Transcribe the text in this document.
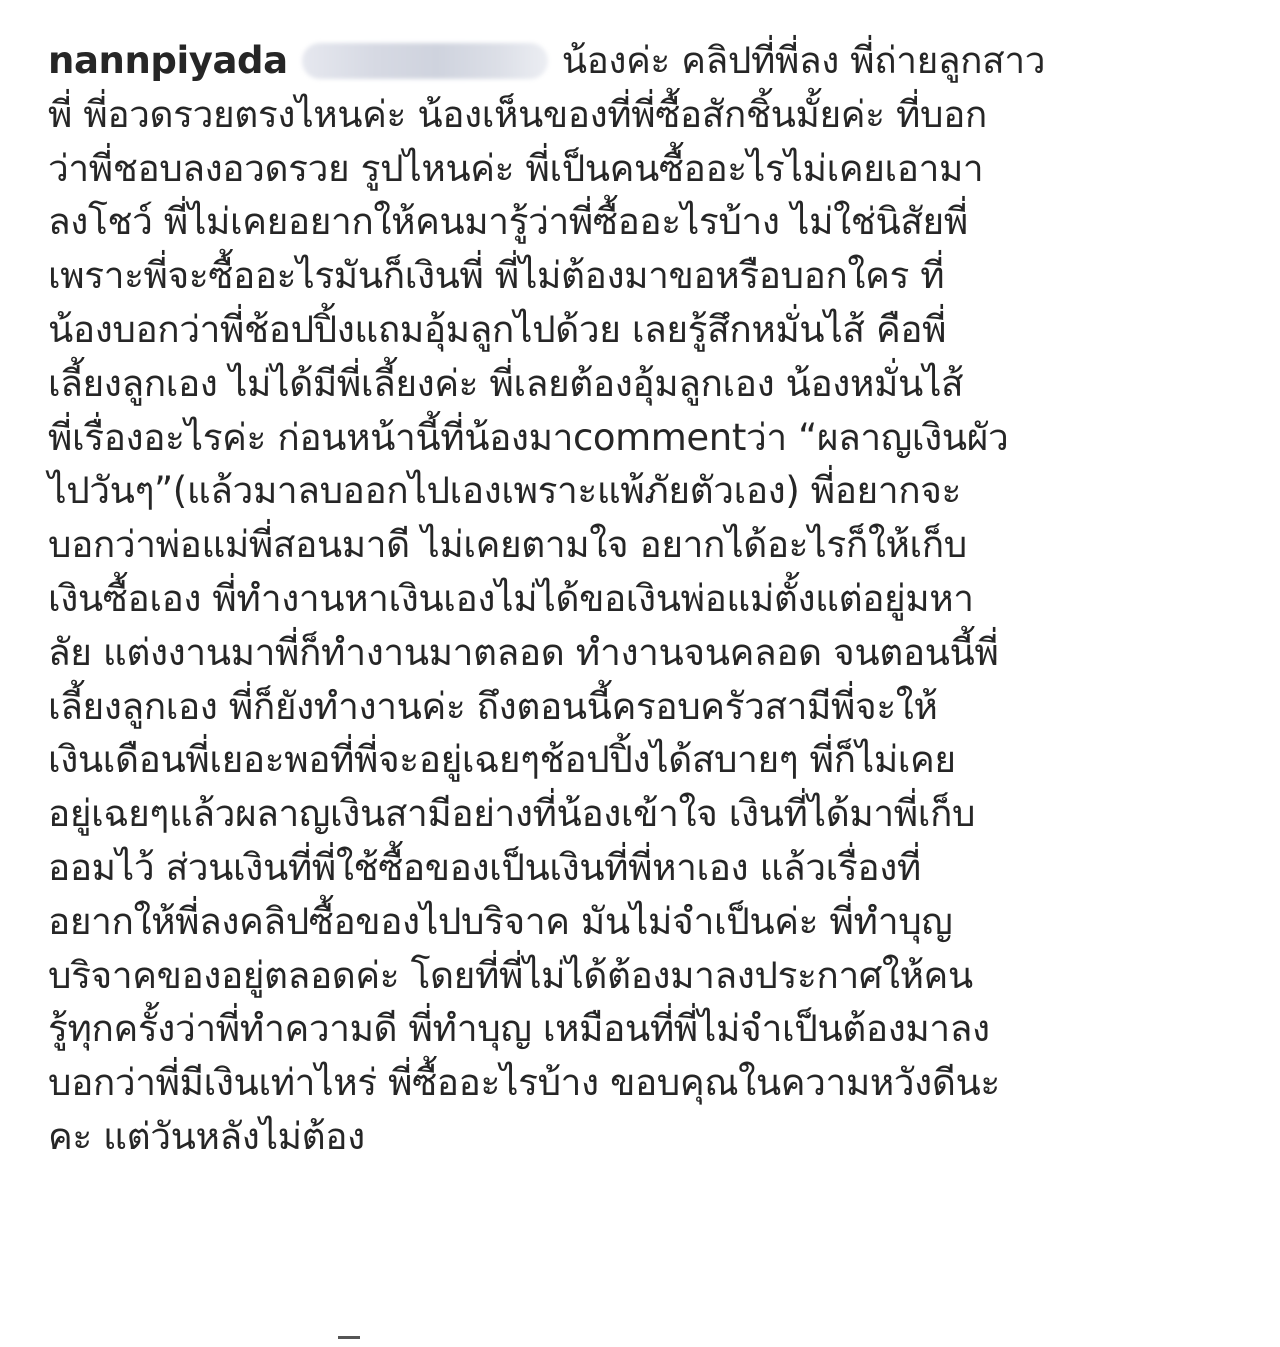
nannpiyada	น้องค่ะ คลิปที่พี่ลง พี่ถ่ายลูกสาว
พี่ พี่อวดรวยตรงไหนค่ะ น้องเห็นของที่พี่ซื้อสักชิ้นมั้ยค่ะ ที่บอก
ว่าพี่ชอบลงอวดรวย รูปไหนค่ะ พี่เป็นคนซื้ออะไรไม่เคยเอามา
ลงโชว์ พี่ไม่เคยอยากให้คนมารู้ว่าพี่ซื้ออะไรบ้าง ไม่ใช่นิสัยพี่
เพราะพี่จะซื้ออะไรมันก็เงินพี่ พี่ไม่ต้องมาขอหรือบอกใคร ที่
น้องบอกว่าพี่ช้อปปิ้งแถมอุ้มลูกไปด้วย เลยรู้สึกหมั่นไส้ คือพี่
เลี้ยงลูกเอง ไม่ได้มีพี่เลี้ยงค่ะ พี่เลยต้องอุ้มลูกเอง น้องหมั่นไส้
พี่เรื่องอะไรค่ะ ก่อนหน้านี้ที่น้องมาcommentว่า “ผลาญเงินผัว
ไปวันๆ”(แล้วมาลบออกไปเองเพราะแพ้ภัยตัวเอง) พี่อยากจะ
บอกว่าพ่อแม่พี่สอนมาดี ไม่เคยตามใจ อยากได้อะไรก็ให้เก็บ
เงินซื้อเอง พี่ทำงานหาเงินเองไม่ได้ขอเงินพ่อแม่ตั้งแต่อยู่มหา
ลัย แต่งงานมาพี่ก็ทำงานมาตลอด ทำงานจนคลอด จนตอนนี้พี่
เลี้ยงลูกเอง พี่ก็ยังทำงานค่ะ ถึงตอนนี้ครอบครัวสามีพี่จะให้
เงินเดือนพี่เยอะพอที่พี่จะอยู่เฉยๆช้อปปิ้งได้สบายๆ พี่ก็ไม่เคย
อยู่เฉยๆแล้วผลาญเงินสามีอย่างที่น้องเข้าใจ เงินที่ได้มาพี่เก็บ
ออมไว้ ส่วนเงินที่พี่ใช้ซื้อของเป็นเงินที่พี่หาเอง แล้วเรื่องที่
อยากให้พี่ลงคลิปซื้อของไปบริจาค มันไม่จำเป็นค่ะ พี่ทำบุญ
บริจาคของอยู่ตลอดค่ะ โดยที่พี่ไม่ได้ต้องมาลงประกาศให้คน
รู้ทุกครั้งว่าพี่ทำความดี พี่ทำบุญ เหมือนที่พี่ไม่จำเป็นต้องมาลง
บอกว่าพี่มีเงินเท่าไหร่ พี่ซื้ออะไรบ้าง ขอบคุณในความหวังดีนะ
คะ แต่วันหลังไม่ต้อง
